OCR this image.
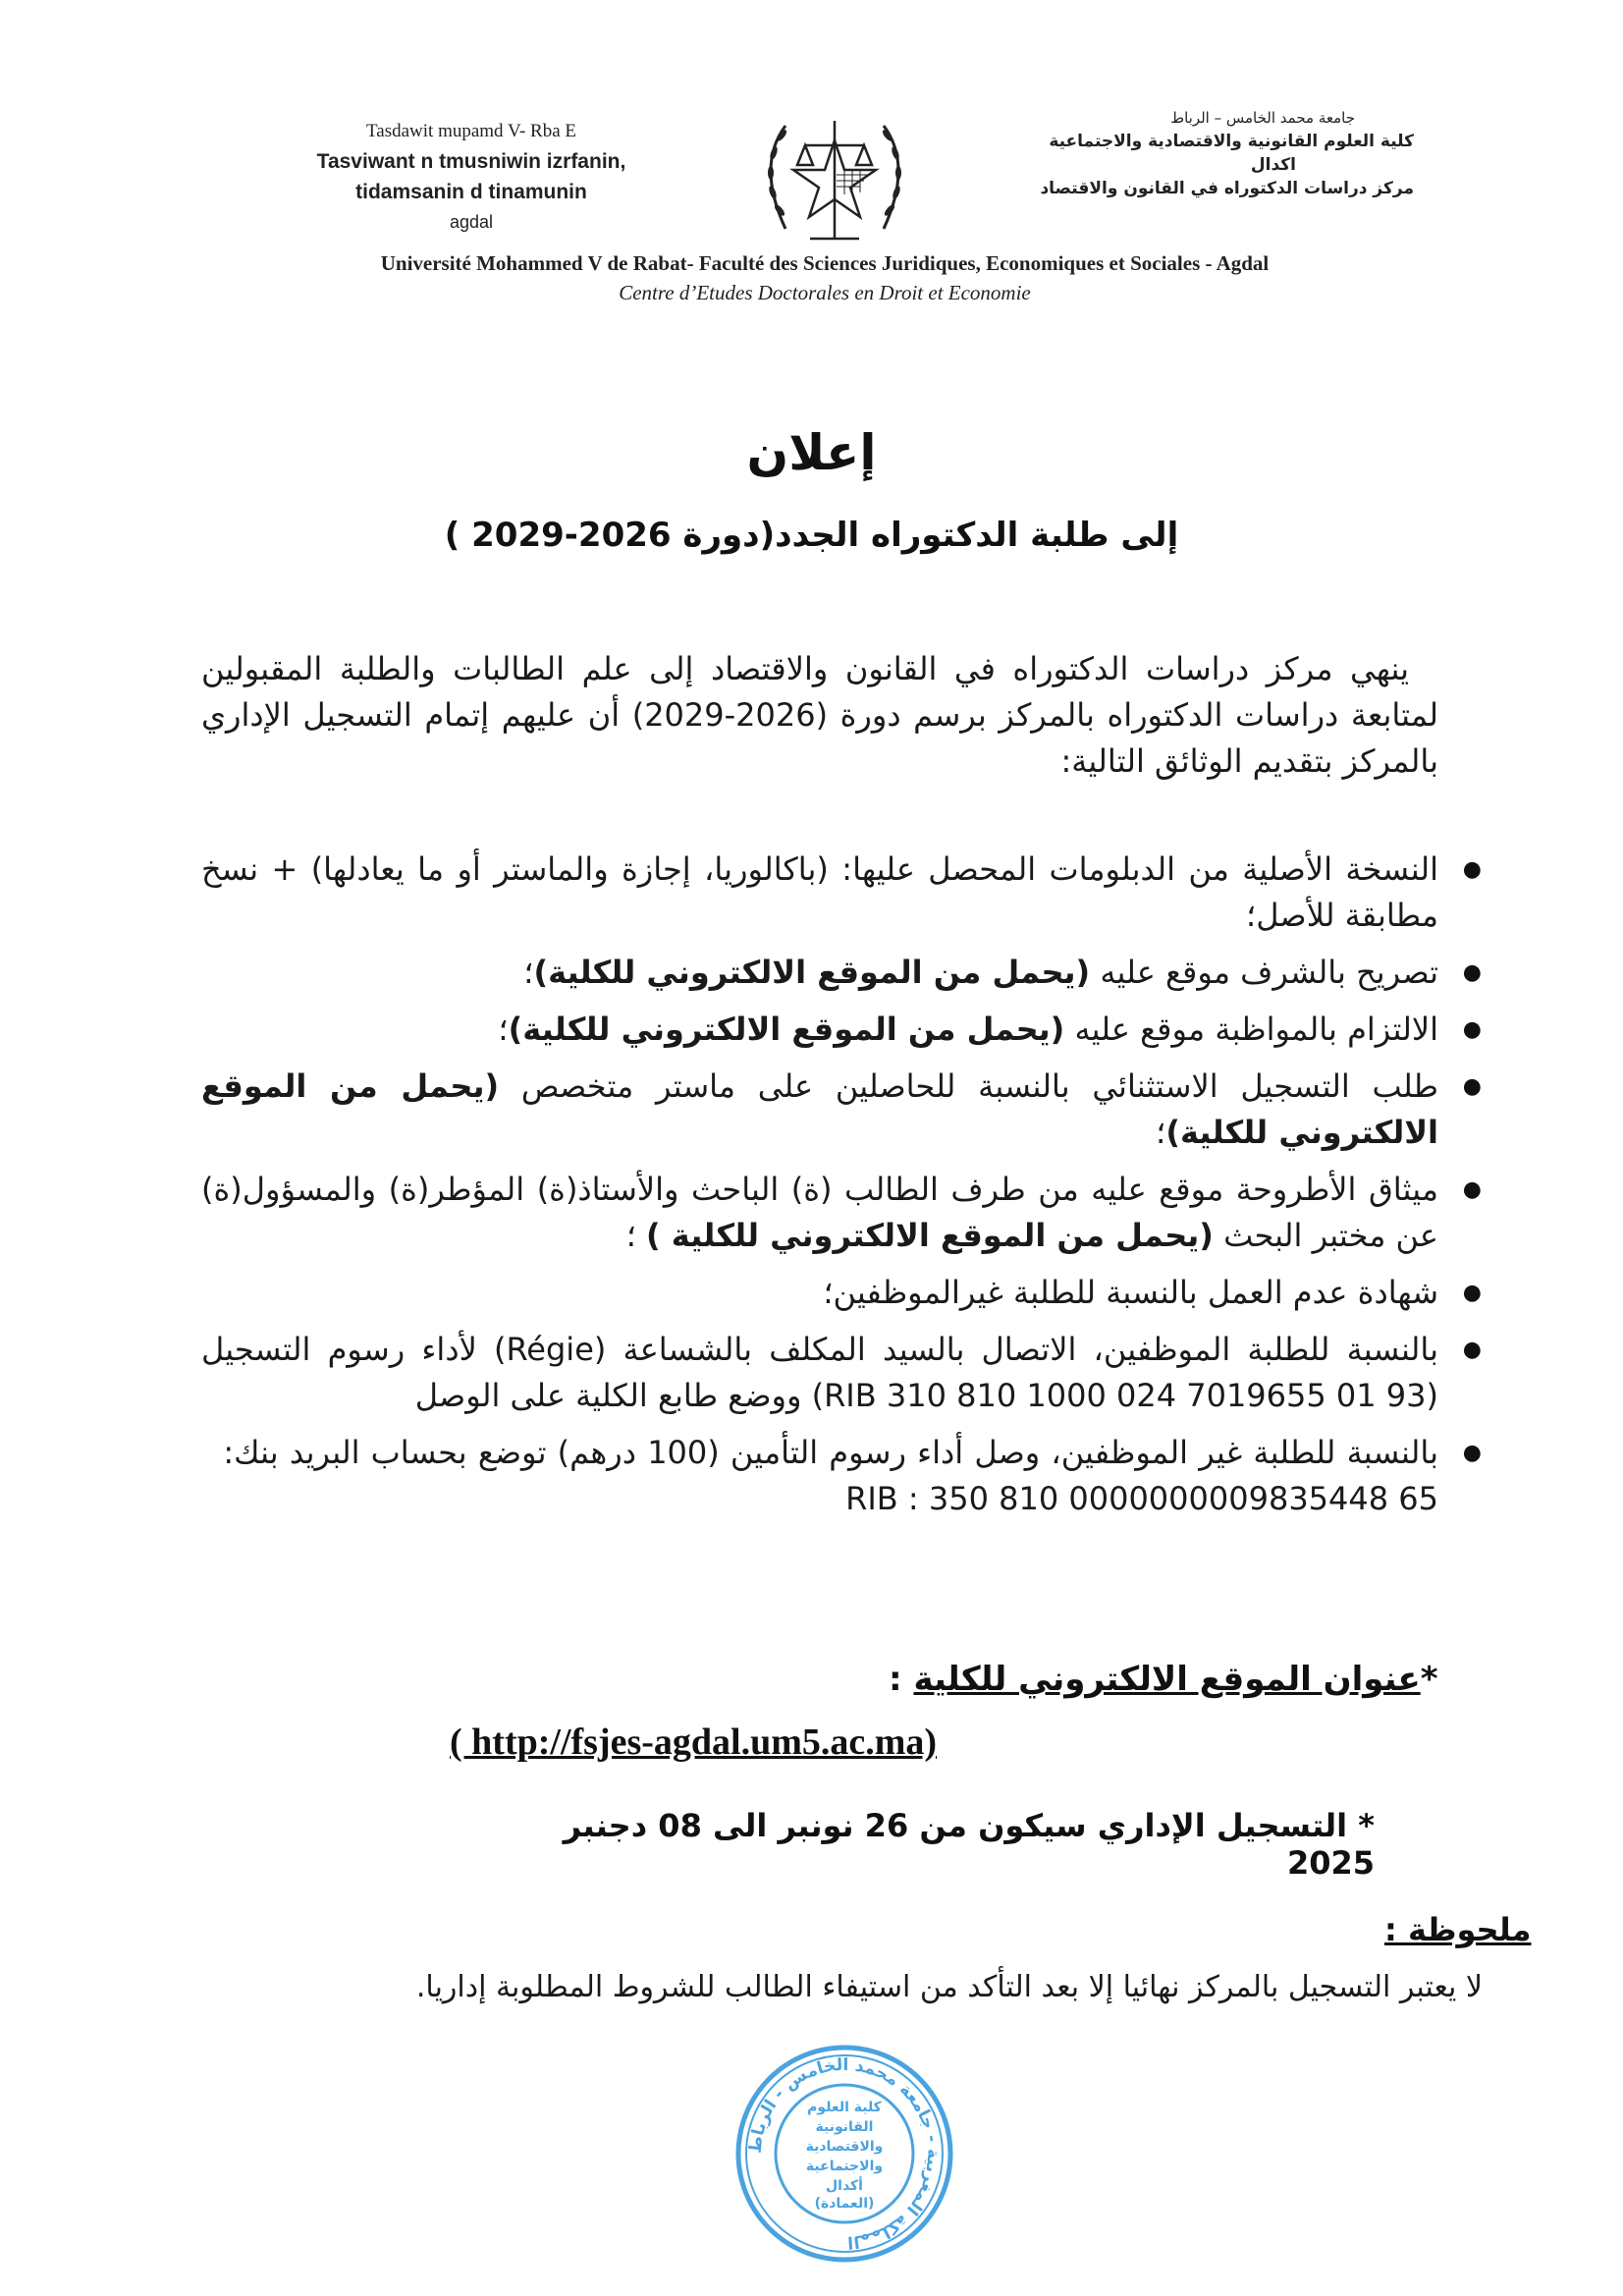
Tasdawit mupamd V- Rba E
Tasviwant n tmusniwin izrfanin,
tidamsanin d tinamunin
agdal
جامعة محمد الخامس – الرباط
كلية العلوم القانونية والاقتصادية والاجتماعية
اكدال
مركز دراسات الدكتوراه في القانون والاقتصاد
Université Mohammed V de Rabat- Faculté des Sciences Juridiques, Economiques et Sociales - Agdal
Centre d’Etudes Doctorales en Droit et Economie
إعلان
إلى طلبة الدكتوراه الجدد(دورة 2026-2029 )
ينهي مركز دراسات الدكتوراه في القانون والاقتصاد إلى علم الطالبات والطلبة المقبولين لمتابعة دراسات الدكتوراه بالمركز برسم دورة (2026-2029) أن عليهم إتمام التسجيل الإداري بالمركز بتقديم الوثائق التالية:
● النسخة الأصلية من الدبلومات المحصل عليها: (باكالوريا، إجازة والماستر أو ما يعادلها) + نسخ مطابقة للأصل؛
● تصريح بالشرف موقع عليه (يحمل من الموقع الالكتروني للكلية)؛
● الالتزام بالمواظبة موقع عليه (يحمل من الموقع الالكتروني للكلية)؛
● طلب التسجيل الاستثنائي بالنسبة للحاصلين على ماستر متخصص (يحمل من الموقع الالكتروني للكلية)؛
● ميثاق الأطروحة موقع عليه من طرف الطالب (ة) الباحث والأستاذ(ة) المؤطر(ة) والمسؤول(ة) عن مختبر البحث (يحمل من الموقع الالكتروني للكلية ) ؛
● شهادة عدم العمل بالنسبة للطلبة غيرالموظفين؛
● بالنسبة للطلبة الموظفين، الاتصال بالسيد المكلف بالشساعة (Régie) لأداء رسوم التسجيل (RIB 310 810 1000 024 7019655 01 93) ووضع طابع الكلية على الوصل
● بالنسبة للطلبة غير الموظفين، وصل أداء رسوم التأمين (100 درهم) توضع بحساب البريد بنك:   RIB : 350 810 0000000009835448 65
*عنوان الموقع الالكتروني للكلية :
( http://fsjes-agdal.um5.ac.ma)
* التسجيل الإداري سيكون من 26 نونبر الى 08 دجنبر 2025
ملحوظة :
لا يعتبر التسجيل بالمركز نهائيا إلا بعد التأكد من استيفاء الطالب للشروط المطلوبة إداريا.
المملكة المغربية - جامعة محمد الخامس - الرباط
كلية العلوم
القانونية
والاقتصادية
والاجتماعية
أكدال
(العمادة)
